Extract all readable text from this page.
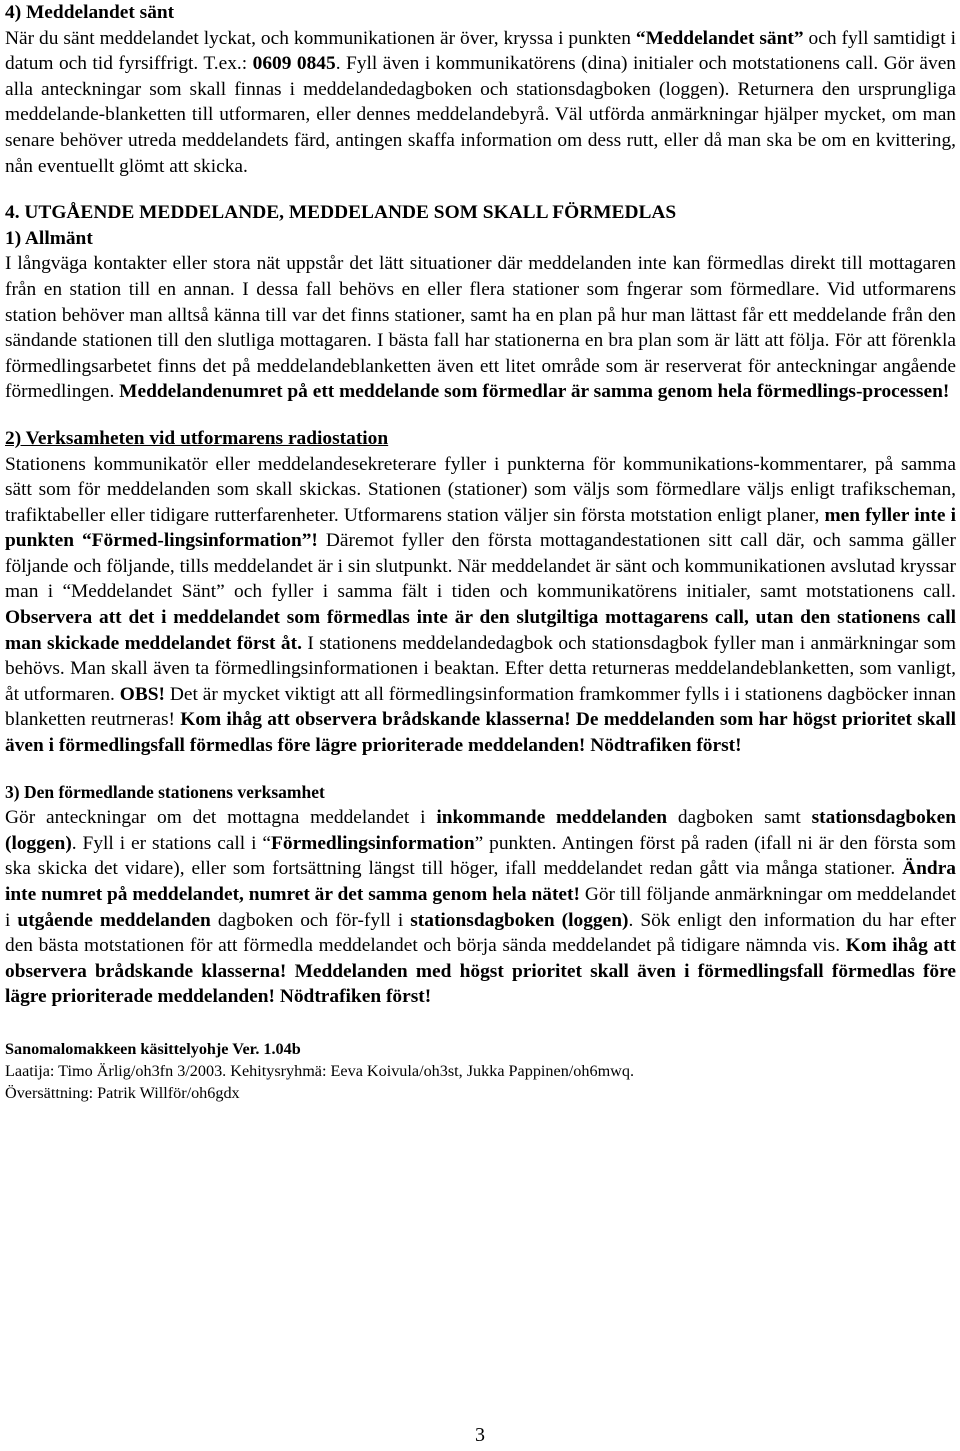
4) Meddelandet sänt

När du sänt meddelandet lyckat, och kommunikationen är över, kryssa i punkten “Meddelandet sänt” och fyll samtidigt i datum och tid fyrsiffrigt. T.ex.: 0609 0845. Fyll även i kommunikatörens (dina) initialer och motstationens call. Gör även alla anteckningar som skall finnas i meddelandedagboken och stationsdagboken (loggen). Returnera den ursprungliga meddelande-blanketten till utformaren, eller dennes meddelandebyrå. Väl utförda anmärkningar hjälper mycket, om man senare behöver utreda meddelandets färd, antingen skaffa information om dess rutt, eller då man ska be om en kvittering, nån eventuellt glömt att skicka.

4. UTGÅENDE MEDDELANDE, MEDDELANDE SOM SKALL FÖRMEDLAS

1) Allmänt

I långväga kontakter eller stora nät uppstår det lätt situationer där meddelanden inte kan förmedlas direkt till mottagaren från en station till en annan. I dessa fall behövs en eller flera stationer som fngerar som förmedlare. Vid utformarens station behöver man alltså känna till var det finns stationer, samt ha en plan på hur man lättast får ett meddelande från den sändande stationen till den slutliga mottagaren. I bästa fall har stationerna en bra plan som är lätt att följa. För att förenkla förmedlingsarbetet finns det på meddelandeblanketten även ett litet område som är reserverat för anteckningar angående förmedlingen. Meddelandenumret på ett meddelande som förmedlar är samma genom hela förmedlings-processen!

2) Verksamheten vid utformarens radiostation

Stationens kommunikatör eller meddelandesekreterare fyller i punkterna för kommunikations-kommentarer, på samma sätt som för meddelanden som skall skickas. Stationen (stationer) som väljs som förmedlare väljs enligt trafikscheman, trafiktabeller eller tidigare rutterfarenheter. Utformarens station väljer sin första motstation enligt planer, men fyller inte i punkten “Förmed-lingsinformation”! Däremot fyller den första mottagandestationen sitt call där, och samma gäller följande och följande, tills meddelandet är i sin slutpunkt. När meddelandet är sänt och kommunikationen avslutad kryssar man i “Meddelandet Sänt” och fyller i samma fält i tiden och kommunikatörens initialer, samt motstationens call. Observera att det i meddelandet som förmedlas inte är den slutgiltiga mottagarens call, utan den stationens call man skickade meddelandet först åt. I stationens meddelandedagbok och stationsdagbok fyller man i anmärkningar som behövs. Man skall även ta förmedlingsinformationen i beaktan. Efter detta returneras meddelandeblanketten, som vanligt, åt utformaren. OBS! Det är mycket viktigt att all förmedlingsinformation framkommer fylls i i stationens dagböcker innan blanketten reutrneras! Kom ihåg att observera brådskande klasserna! De meddelanden som har högst prioritet skall även i förmedlingsfall förmedlas före lägre prioriterade meddelanden! Nödtrafiken först!

3) Den förmedlande stationens verksamhet

Gör anteckningar om det mottagna meddelandet i inkommande meddelanden dagboken samt stationsdagboken (loggen). Fyll i er stations call i “Förmedlingsinformation” punkten. Antingen först på raden (ifall ni är den första som ska skicka det vidare), eller som fortsättning längst till höger, ifall meddelandet redan gått via många stationer. Ändra inte numret på meddelandet, numret är det samma genom hela nätet! Gör till följande anmärkningar om meddelandet i utgående meddelanden dagboken och för-fyll i stationsdagboken (loggen). Sök enligt den information du har efter den bästa motstationen för att förmedla meddelandet och börja sända meddelandet på tidigare nämnda vis. Kom ihåg att observera brådskande klasserna! Meddelanden med högst prioritet skall även i förmedlingsfall förmedlas före lägre prioriterade meddelanden! Nödtrafiken först!

Sanomalomakkeen käsittelyohje Ver. 1.04b

Laatija: Timo Ärlig/oh3fn 3/2003. Kehitysryhmä: Eeva Koivula/oh3st, Jukka Pappinen/oh6mwq.

Översättning: Patrik Willför/oh6gdx

3
